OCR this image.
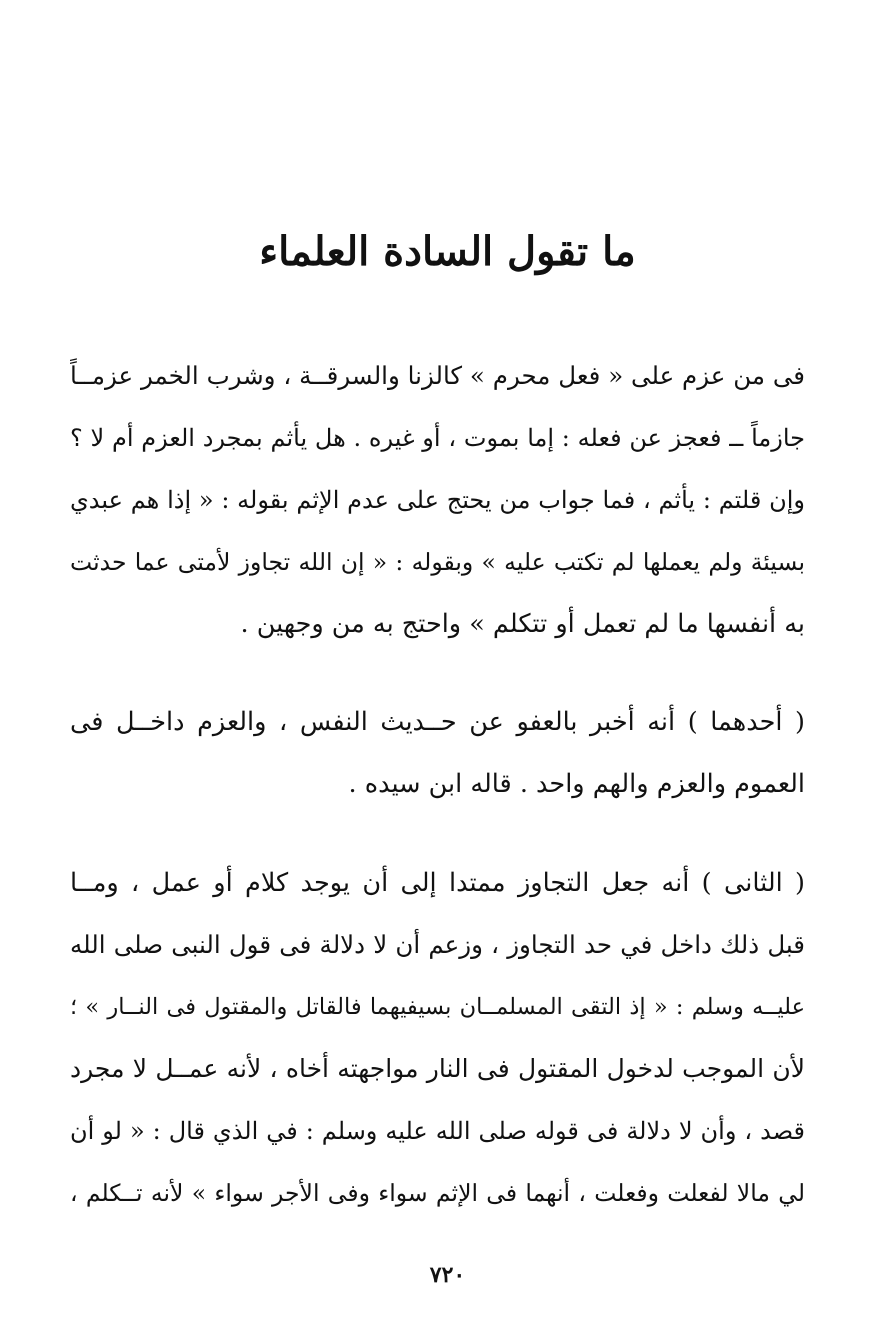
ما تقول السادة العلماء
فى من عزم على « فعل محرم » كالزنا والسرقــة ، وشرب الخمر عزمــاً
جازماً ــ فعجز عن فعله : إما بموت ، أو غيره . هل يأثم بمجرد العزم أم لا ؟
وإن قلتم : يأثم ، فما جواب من يحتج على عدم الإثم بقوله : « إذا هم عبدي
بسيئة ولم يعملها لم تكتب عليه » وبقوله : « إن الله تجاوز لأمتى عما حدثت
به أنفسها ما لم تعمل أو تتكلم » واحتج به من وجهين .
( أحدهما ) أنه أخبر بالعفو عن حــديث النفس ، والعزم داخــل فى
العموم والعزم والهم واحد . قاله ابن سيده .
( الثانى ) أنه جعل التجاوز ممتدا إلى أن يوجد كلام أو عمل ، ومــا
قبل ذلك داخل في حد التجاوز ، وزعم أن لا دلالة فى قول النبى صلى الله
عليــه وسلم : « إذ التقى المسلمــان بسيفيهما فالقاتل والمقتول فى النــار » ؛
لأن الموجب لدخول المقتول فى النار مواجهته أخاه ، لأنه عمــل لا مجرد
قصد ، وأن لا دلالة فى قوله صلى الله عليه وسلم : في الذي قال : « لو أن
لي مالا لفعلت وفعلت ، أنهما فى الإثم سواء وفى الأجر سواء » لأنه تــكلم ،
٧٢٠
